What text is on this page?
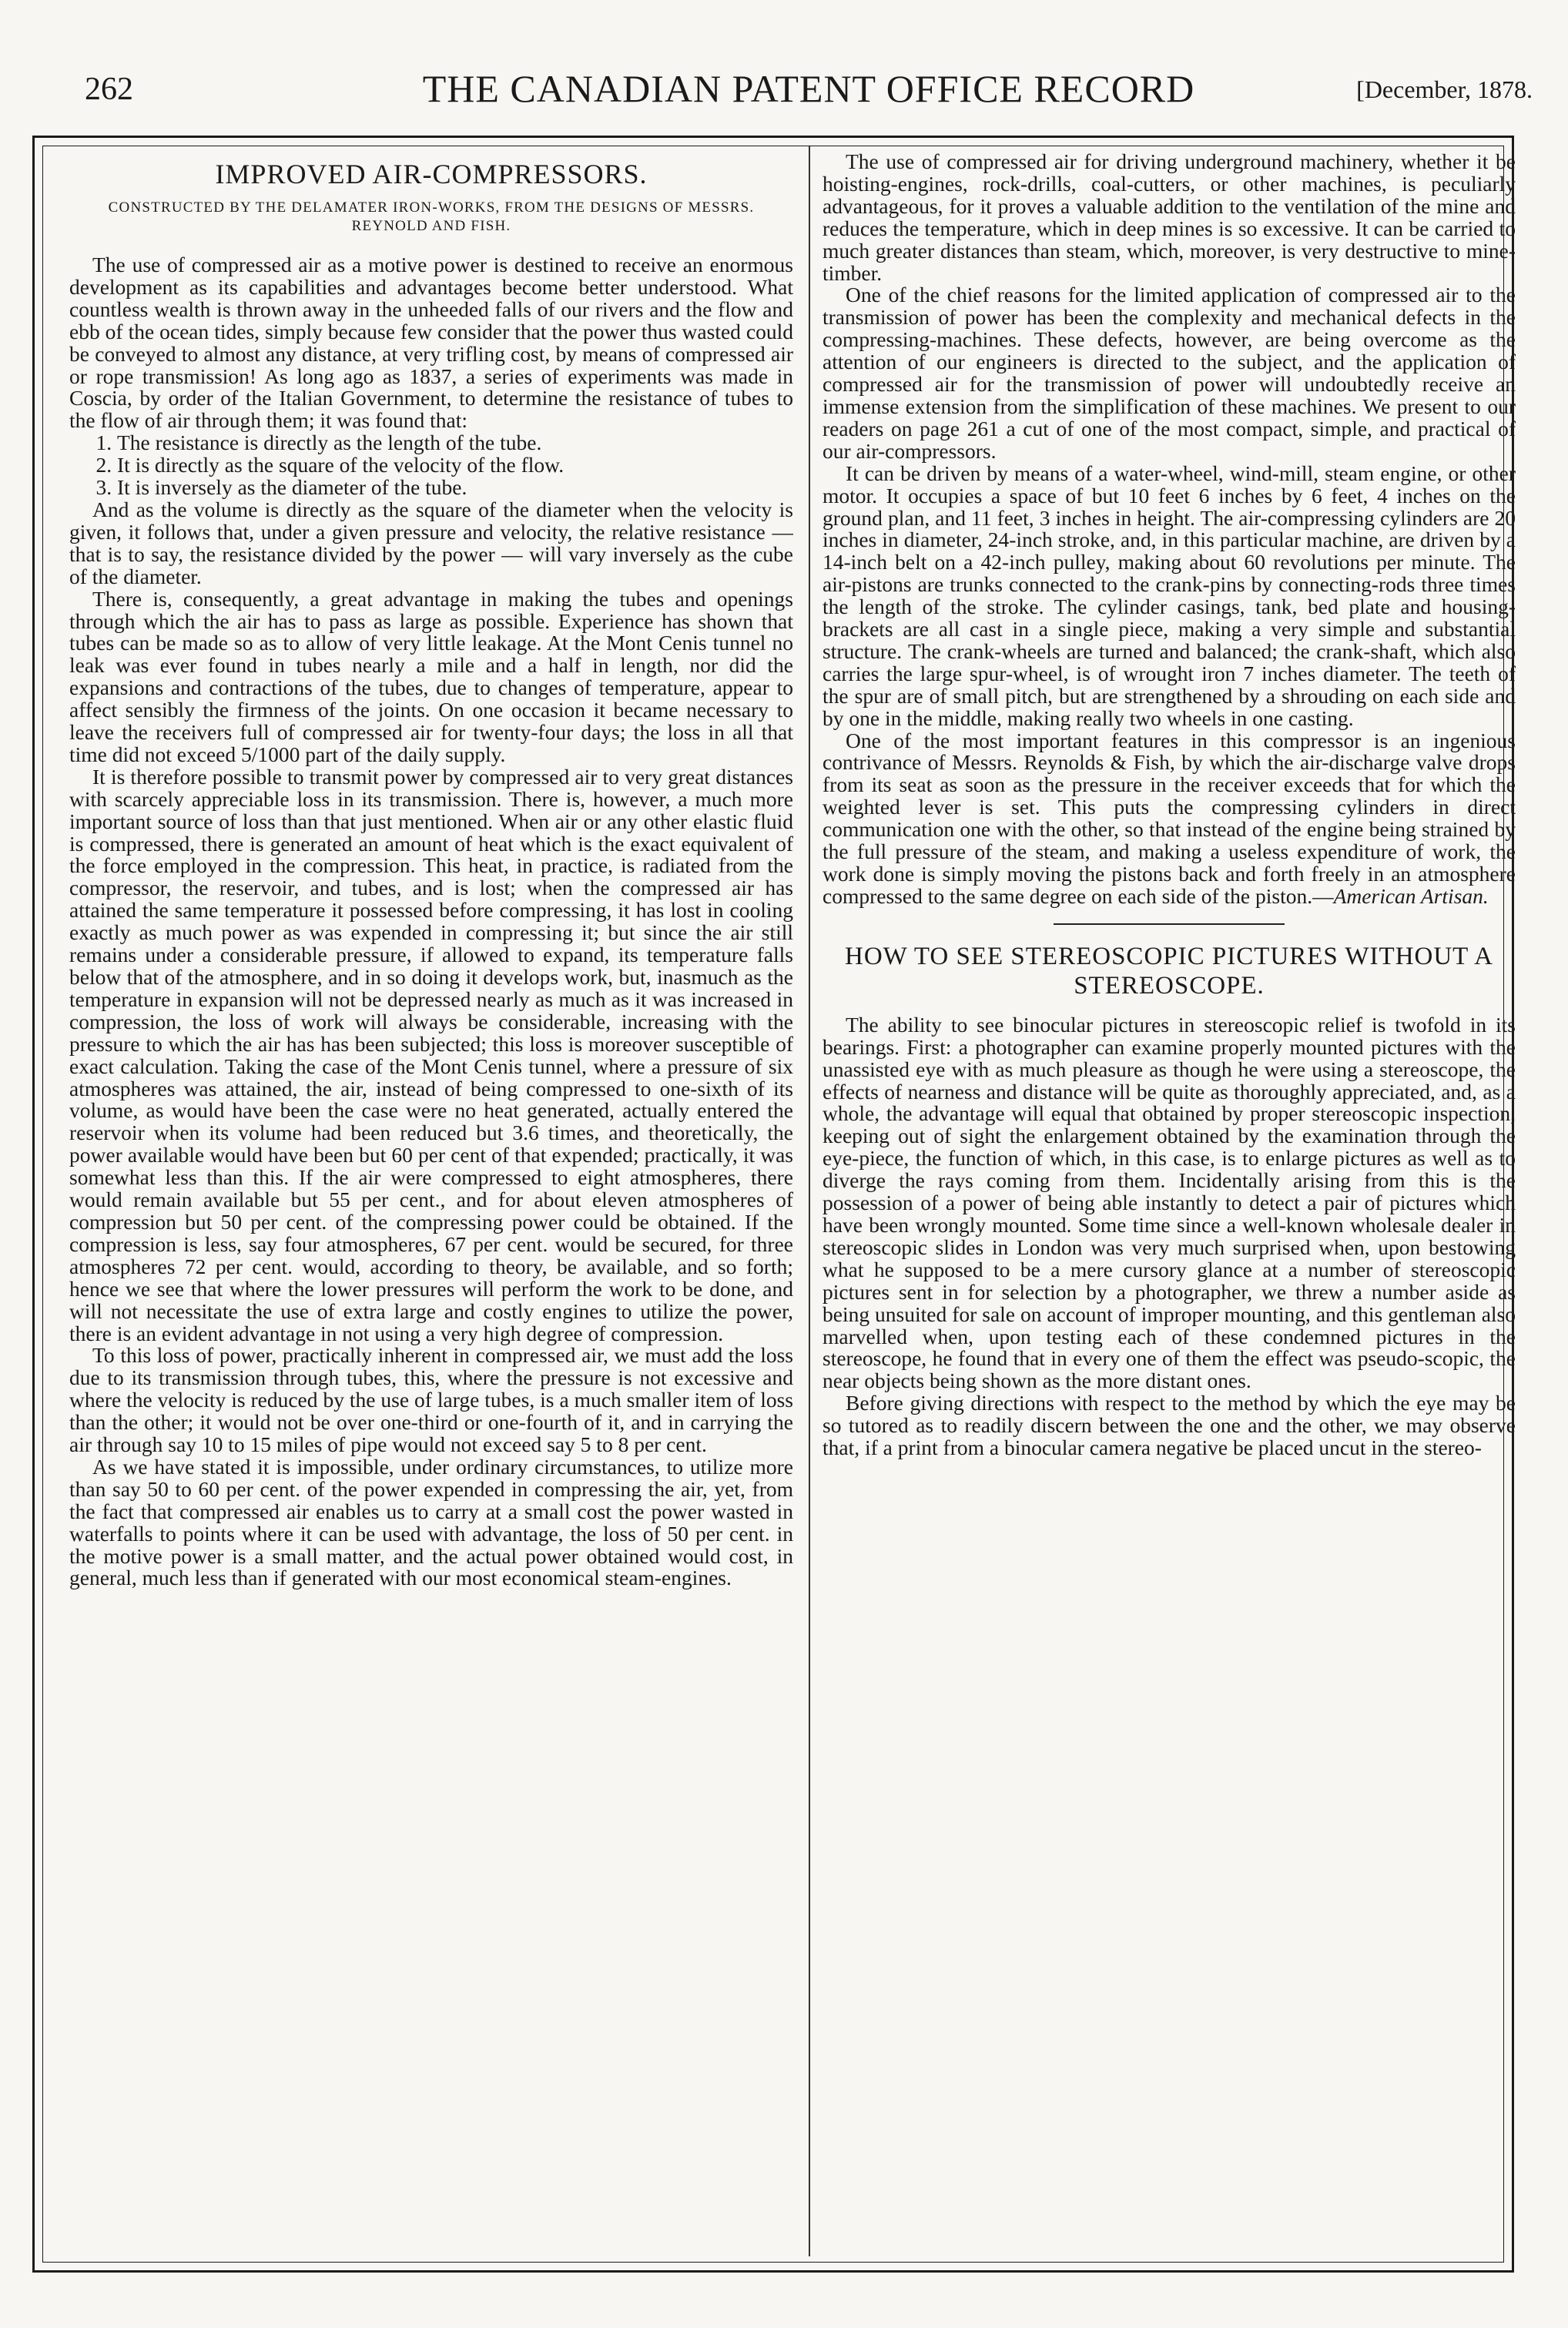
262	THE CANADIAN PATENT OFFICE RECORD	[December, 1878.
IMPROVED AIR-COMPRESSORS.
CONSTRUCTED BY THE DELAMATER IRON-WORKS, FROM THE DESIGNS OF MESSRS. REYNOLD AND FISH.

The use of compressed air as a motive power is destined to receive an enormous development as its capabilities and advantages become better understood. What countless wealth is thrown away in the unheeded falls of our rivers and the flow and ebb of the ocean tides, simply because few consider that the power thus wasted could be conveyed to almost any distance, at very trifling cost, by means of compressed air or rope transmission! As long ago as 1837, a series of experiments was made in Coscia, by order of the Italian Government, to determine the resistance of tubes to the flow of air through them; it was found that:

1. The resistance is directly as the length of the tube.
2. It is directly as the square of the velocity of the flow.
3. It is inversely as the diameter of the tube.

And as the volume is directly as the square of the diameter when the velocity is given, it follows that, under a given pressure and velocity, the relative resistance — that is to say, the resistance divided by the power — will vary inversely as the cube of the diameter.

There is, consequently, a great advantage in making the tubes and openings through which the air has to pass as large as possible. Experience has shown that tubes can be made so as to allow of very little leakage. At the Mont Cenis tunnel no leak was ever found in tubes nearly a mile and a half in length, nor did the expansions and contractions of the tubes, due to changes of temperature, appear to affect sensibly the firmness of the joints. On one occasion it became necessary to leave the receivers full of compressed air for twenty-four days; the loss in all that time did not exceed 5/1000 part of the daily supply.

It is therefore possible to transmit power by compressed air to very great distances with scarcely appreciable loss in its transmission. There is, however, a much more important source of loss than that just mentioned. When air or any other elastic fluid is compressed, there is generated an amount of heat which is the exact equivalent of the force employed in the compression. This heat, in practice, is radiated from the compressor, the reservoir, and tubes, and is lost; when the compressed air has attained the same temperature it possessed before compressing, it has lost in cooling exactly as much power as was expended in compressing it; but since the air still remains under a considerable pressure, if allowed to expand, its temperature falls below that of the atmosphere, and in so doing it develops work, but, inasmuch as the temperature in expansion will not be depressed nearly as much as it was increased in compression, the loss of work will always be considerable, increasing with the pressure to which the air has has been subjected; this loss is moreover susceptible of exact calculation. Taking the case of the Mont Cenis tunnel, where a pressure of six atmospheres was attained, the air, instead of being compressed to one-sixth of its volume, as would have been the case were no heat generated, actually entered the reservoir when its volume had been reduced but 3.6 times, and theoretically, the power available would have been but 60 per cent of that expended; practically, it was somewhat less than this. If the air were compressed to eight atmospheres, there would remain available but 55 per cent., and for about eleven atmospheres of compression but 50 per cent. of the compressing power could be obtained. If the compression is less, say four atmospheres, 67 per cent. would be secured, for three atmospheres 72 per cent. would, according to theory, be available, and so forth; hence we see that where the lower pressures will perform the work to be done, and will not necessitate the use of extra large and costly engines to utilize the power, there is an evident advantage in not using a very high degree of compression.

To this loss of power, practically inherent in compressed air, we must add the loss due to its transmission through tubes, this, where the pressure is not excessive and where the velocity is reduced by the use of large tubes, is a much smaller item of loss than the other; it would not be over one-third or one-fourth of it, and in carrying the air through say 10 to 15 miles of pipe would not exceed say 5 to 8 per cent.

As we have stated it is impossible, under ordinary circumstances, to utilize more than say 50 to 60 per cent. of the power expended in compressing the air, yet, from the fact that compressed air enables us to carry at a small cost the power wasted in waterfalls to points where it can be used with advantage, the loss of 50 per cent. in the motive power is a small matter, and the actual power obtained would cost, in general, much less than if generated with our most economical steam-engines.

The use of compressed air for driving underground machinery, whether it be hoisting-engines, rock-drills, coal-cutters, or other machines, is peculiarly advantageous, for it proves a valuable addition to the ventilation of the mine and reduces the temperature, which in deep mines is so excessive. It can be carried to much greater distances than steam, which, moreover, is very destructive to mine-timber.

One of the chief reasons for the limited application of compressed air to the transmission of power has been the complexity and mechanical defects in the compressing-machines. These defects, however, are being overcome as the attention of our engineers is directed to the subject, and the application of compressed air for the transmission of power will undoubtedly receive an immense extension from the simplification of these machines. We present to our readers on page 261 a cut of one of the most compact, simple, and practical of our air-compressors.

It can be driven by means of a water-wheel, wind-mill, steam engine, or other motor. It occupies a space of but 10 feet 6 inches by 6 feet, 4 inches on the ground plan, and 11 feet, 3 inches in height. The air-compressing cylinders are 20 inches in diameter, 24-inch stroke, and, in this particular machine, are driven by a 14-inch belt on a 42-inch pulley, making about 60 revolutions per minute. The air-pistons are trunks connected to the crank-pins by connecting-rods three times the length of the stroke. The cylinder casings, tank, bed plate and housing-brackets are all cast in a single piece, making a very simple and substantial structure. The crank-wheels are turned and balanced; the crank-shaft, which also carries the large spur-wheel, is of wrought iron 7 inches diameter. The teeth of the spur are of small pitch, but are strengthened by a shrouding on each side and by one in the middle, making really two wheels in one casting.

One of the most important features in this compressor is an ingenious contrivance of Messrs. Reynolds & Fish, by which the air-discharge valve drops from its seat as soon as the pressure in the receiver exceeds that for which the weighted lever is set. This puts the compressing cylinders in direct communication one with the other, so that instead of the engine being strained by the full pressure of the steam, and making a useless expenditure of work, the work done is simply moving the pistons back and forth freely in an atmosphere compressed to the same degree on each side of the piston.—American Artisan.

HOW TO SEE STEREOSCOPIC PICTURES WITHOUT A STEREOSCOPE.

The ability to see binocular pictures in stereoscopic relief is twofold in its bearings. First: a photographer can examine properly mounted pictures with the unassisted eye with as much pleasure as though he were using a stereoscope, the effects of nearness and distance will be quite as thoroughly appreciated, and, as a whole, the advantage will equal that obtained by proper stereoscopic inspection, keeping out of sight the enlargement obtained by the examination through the eye-piece, the function of which, in this case, is to enlarge pictures as well as to diverge the rays coming from them. Incidentally arising from this is the possession of a power of being able instantly to detect a pair of pictures which have been wrongly mounted. Some time since a well-known wholesale dealer in stereoscopic slides in London was very much surprised when, upon bestowing what he supposed to be a mere cursory glance at a number of stereoscopic pictures sent in for selection by a photographer, we threw a number aside as being unsuited for sale on account of improper mounting, and this gentleman also marvelled when, upon testing each of these condemned pictures in the stereoscope, he found that in every one of them the effect was pseudo-scopic, the near objects being shown as the more distant ones.

Before giving directions with respect to the method by which the eye may be so tutored as to readily discern between the one and the other, we may observe that, if a print from a binocular camera negative be placed uncut in the stereo-
